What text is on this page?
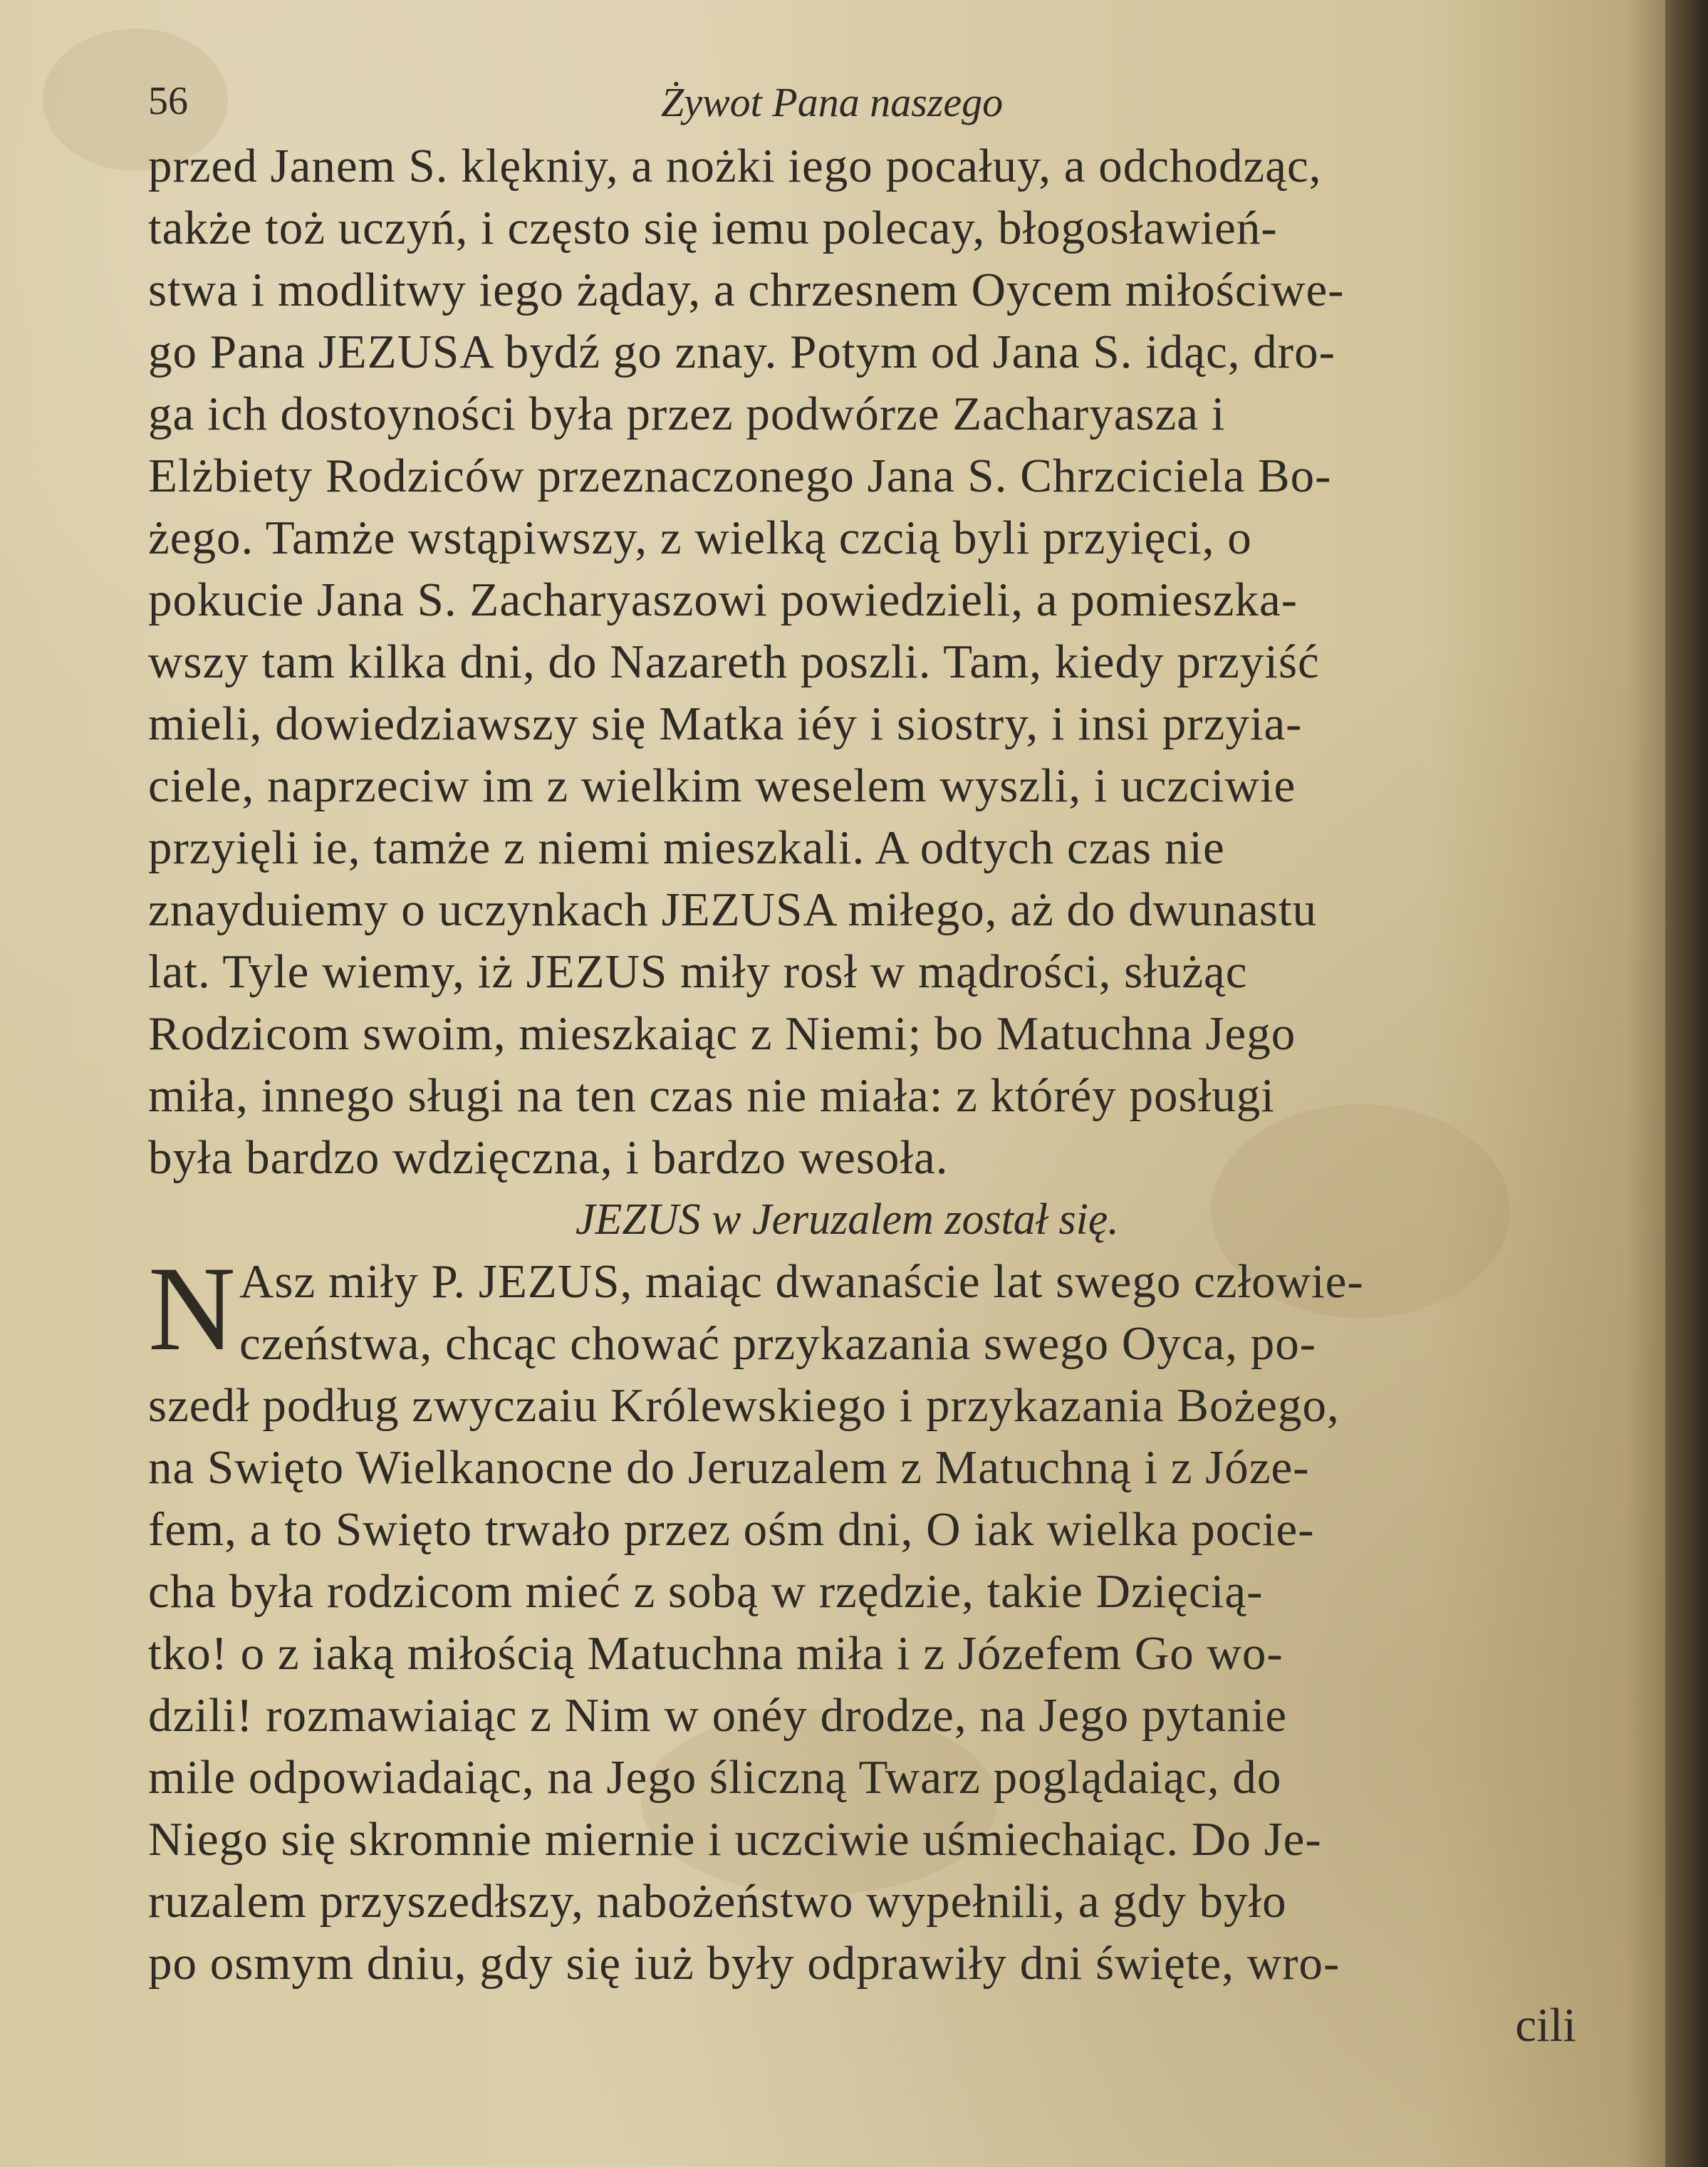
56	Żywot Pana naszego
przed Janem S. klękniy, a nożki iego pocałuy, a odchodząc,
także toż uczyń, i często się iemu polecay, błogosławień-
stwa i modlitwy iego żąday, a chrzesnem Oycem miłościwe-
go Pana JEZUSA bydź go znay. Potym od Jana S. idąc, dro-
ga ich dostoyności była przez podwórze Zacharyasza i
Elżbiety Rodziców przeznaczonego Jana S. Chrzciciela Bo-
żego. Tamże wstąpiwszy, z wielką czcią byli przyięci, o
pokucie Jana S. Zacharyaszowi powiedzieli, a pomieszka-
wszy tam kilka dni, do Nazareth poszli. Tam, kiedy przyiść
mieli, dowiedziawszy się Matka iéy i siostry, i insi przyia-
ciele, naprzeciw im z wielkim weselem wyszli, i uczciwie
przyięli ie, tamże z niemi mieszkali. A odtych czas nie
znayduiemy o uczynkach JEZUSA miłego, aż do dwunastu
lat. Tyle wiemy, iż JEZUS miły rosł w mądrości, służąc
Rodzicom swoim, mieszkaiąc z Niemi; bo Matuchna Jego
miła, innego sługi na ten czas nie miała: z któréy posługi
była bardzo wdzięczna, i bardzo wesoła.
JEZUS w Jeruzalem został się.
N Asz miły P. JEZUS, maiąc dwanaście lat swego człowie-
czeństwa, chcąc chować przykazania swego Oyca, po-
szedł podług zwyczaiu Królewskiego i przykazania Bożego,
na Swięto Wielkanocne do Jeruzalem z Matuchną i z Józe-
fem, a to Swięto trwało przez ośm dni, O iak wielka pocie-
cha była rodzicom mieć z sobą w rzędzie, takie Dzięcią-
tko! o z iaką miłością Matuchna miła i z Józefem Go wo-
dzili! rozmawiaiąc z Nim w onéy drodze, na Jego pytanie
mile odpowiadaiąc, na Jego śliczną Twarz poglądaiąc, do
Niego się skromnie miernie i uczciwie uśmiechaiąc. Do Je-
ruzalem przyszedłszy, nabożeństwo wypełnili, a gdy było
po osmym dniu, gdy się iuż były odprawiły dni święte, wro-
cili
